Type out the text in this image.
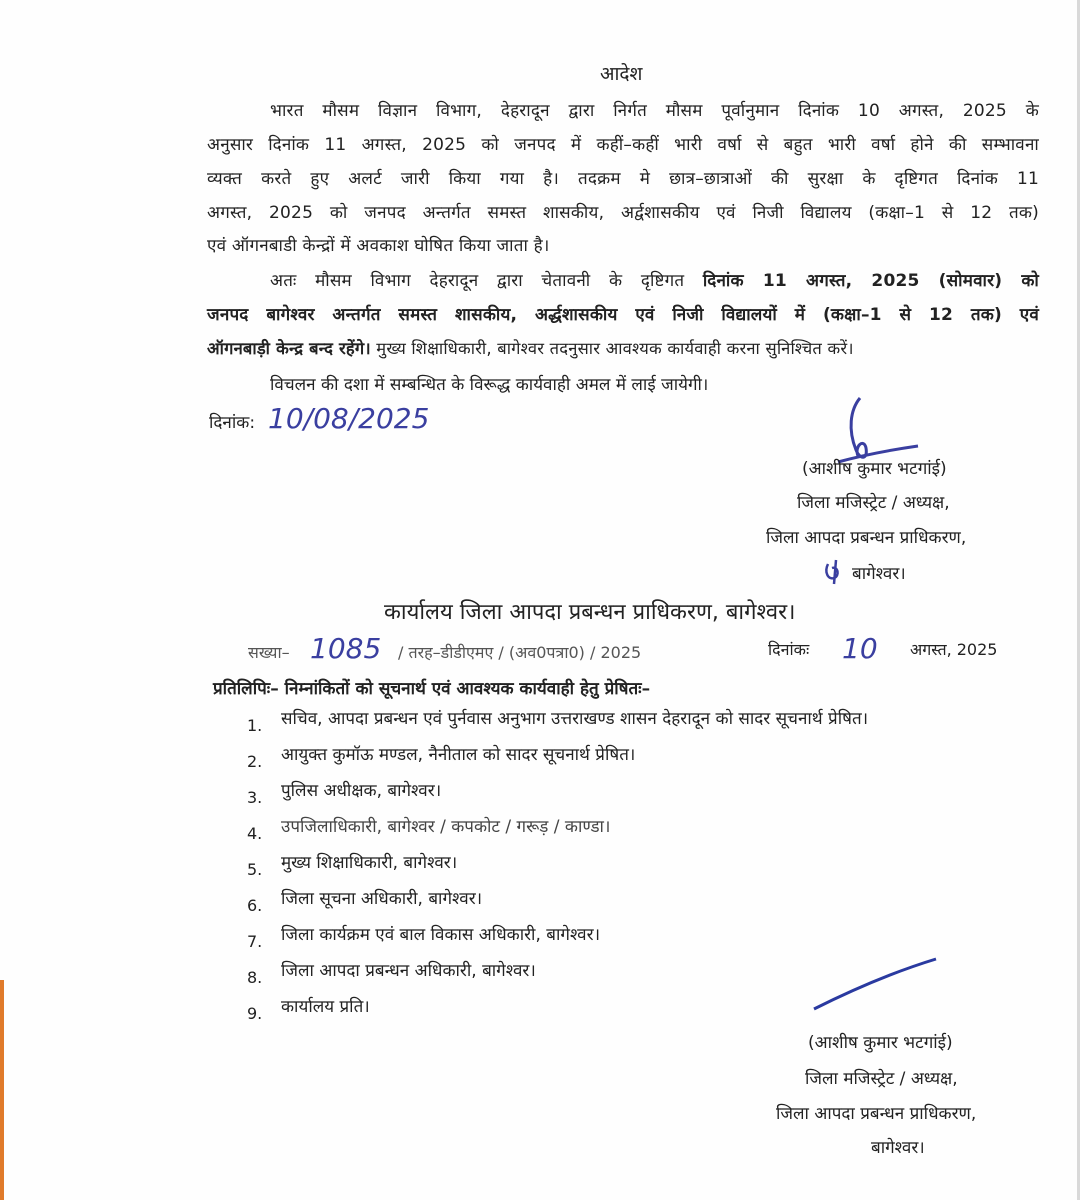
आदेश

भारत मौसम विज्ञान विभाग, देहरादून द्वारा निर्गत मौसम पूर्वानुमान दिनांक 10 अगस्त, 2025 के

अनुसार दिनांक 11 अगस्त, 2025 को जनपद में कहीं–कहीं भारी वर्षा से बहुत भारी वर्षा होने की सम्भावना

व्यक्त करते हुए अलर्ट जारी किया गया है। तदक्रम मे छात्र–छात्राओं की सुरक्षा के दृष्टिगत दिनांक 11

अगस्त, 2025 को जनपद अन्तर्गत समस्त शासकीय, अर्द्वशासकीय एवं निजी विद्यालय (कक्षा–1 से 12 तक)

एवं ऑगनबाडी केन्द्रों में अवकाश घोषित किया जाता है।

अतः मौसम विभाग देहरादून द्वारा चेतावनी के दृष्टिगत दिनांक 11 अगस्त, 2025 (सोमवार) को

जनपद बागेश्वर अन्तर्गत समस्त शासकीय, अर्द्धशासकीय एवं निजी विद्यालयों में (कक्षा–1 से 12 तक) एवं

ऑगनबाड़ी केन्द्र बन्द रहेंगे। मुख्य शिक्षाधिकारी, बागेश्वर तदनुसार आवश्यक कार्यवाही करना सुनिश्चित करें।

विचलन की दशा में सम्बन्धित के विरूद्ध कार्यवाही अमल में लाई जायेगी।
दिनांक: 10/08/2025
(आशीष कुमार भटगांई)
जिला मजिस्ट्रेट / अध्यक्ष,
जिला आपदा प्रबन्धन प्राधिकरण,
बागेश्वर।
कार्यालय जिला आपदा प्रबन्धन प्राधिकरण, बागेश्वर।
सख्या– 1085 / तरह–डीडीएमए / (अव0पत्रा0) / 2025	दिनांकः 10 अगस्त, 2025
प्रतिलिपिः– निम्नांकितों को सूचनार्थ एवं आवश्यक कार्यवाही हेतु प्रेषितः–
1. सचिव, आपदा प्रबन्धन एवं पुर्नवास अनुभाग उत्तराखण्ड शासन देहरादून को सादर सूचनार्थ प्रेषित।
2. आयुक्त कुमॉऊ मण्डल, नैनीताल को सादर सूचनार्थ प्रेषित।
3. पुलिस अधीक्षक, बागेश्वर।
4. उपजिलाधिकारी, बागेश्वर / कपकोट / गरूड़ / काण्डा।
5. मुख्य शिक्षाधिकारी, बागेश्वर।
6. जिला सूचना अधिकारी, बागेश्वर।
7. जिला कार्यक्रम एवं बाल विकास अधिकारी, बागेश्वर।
8. जिला आपदा प्रबन्धन अधिकारी, बागेश्वर।
9. कार्यालय प्रति।
(आशीष कुमार भटगांई)
जिला मजिस्ट्रेट / अध्यक्ष,
जिला आपदा प्रबन्धन प्राधिकरण,
बागेश्वर।
